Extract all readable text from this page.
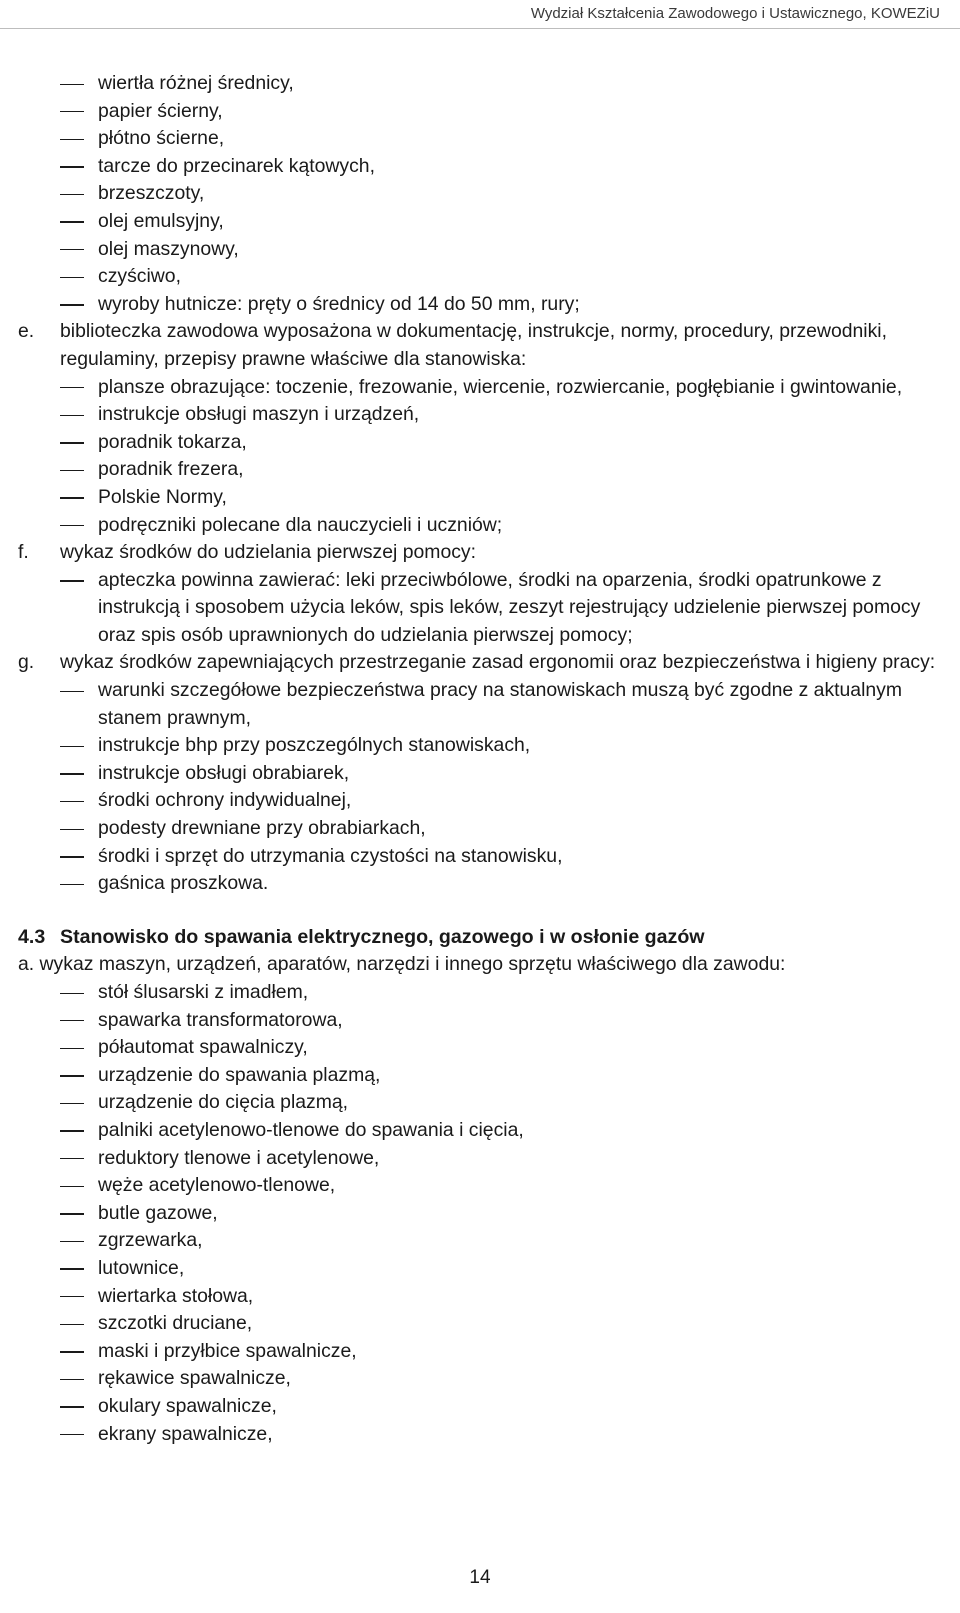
Wydział Kształcenia Zawodowego i Ustawicznego, KOWEZiU
wiertła różnej średnicy,
papier ścierny,
płótno ścierne,
tarcze do przecinarek kątowych,
brzeszczoty,
olej emulsyjny,
olej maszynowy,
czyściwo,
wyroby hutnicze: pręty o średnicy od 14 do 50 mm, rury;
e. biblioteczka zawodowa wyposażona w dokumentację, instrukcje, normy, procedury, przewodniki, regulaminy, przepisy prawne właściwe dla stanowiska:
plansze obrazujące: toczenie, frezowanie, wiercenie, rozwiercanie, pogłębianie i gwintowanie,
instrukcje obsługi maszyn i urządzeń,
poradnik tokarza,
poradnik frezera,
Polskie Normy,
podręczniki polecane dla nauczycieli i uczniów;
f. wykaz środków do udzielania pierwszej pomocy:
apteczka powinna zawierać: leki przeciwbólowe, środki na oparzenia, środki opatrunkowe z instrukcją i sposobem użycia leków, spis leków, zeszyt rejestrujący udzielenie pierwszej pomocy oraz spis osób uprawnionych do udzielania pierwszej pomocy;
g. wykaz środków zapewniających przestrzeganie zasad ergonomii oraz bezpieczeństwa i higieny pracy:
warunki szczegółowe bezpieczeństwa pracy na stanowiskach muszą być zgodne z aktualnym stanem prawnym,
instrukcje bhp przy poszczególnych stanowiskach,
instrukcje obsługi obrabiarek,
środki ochrony indywidualnej,
podesty drewniane przy obrabiarkach,
środki i sprzęt do utrzymania czystości na stanowisku,
gaśnica proszkowa.
4.3 Stanowisko do spawania elektrycznego, gazowego i w osłonie gazów
a. wykaz maszyn, urządzeń, aparatów, narzędzi i innego sprzętu właściwego dla zawodu:
stół ślusarski z imadłem,
spawarka transformatorowa,
półautomat spawalniczy,
urządzenie do spawania plazmą,
urządzenie do cięcia plazmą,
palniki acetylenowo-tlenowe do spawania i cięcia,
reduktory tlenowe i acetylenowe,
węże acetylenowo-tlenowe,
butle gazowe,
zgrzewarka,
lutownice,
wiertarka stołowa,
szczotki druciane,
maski i przyłbice spawalnicze,
rękawice spawalnicze,
okulary spawalnicze,
ekrany spawalnicze,
14
